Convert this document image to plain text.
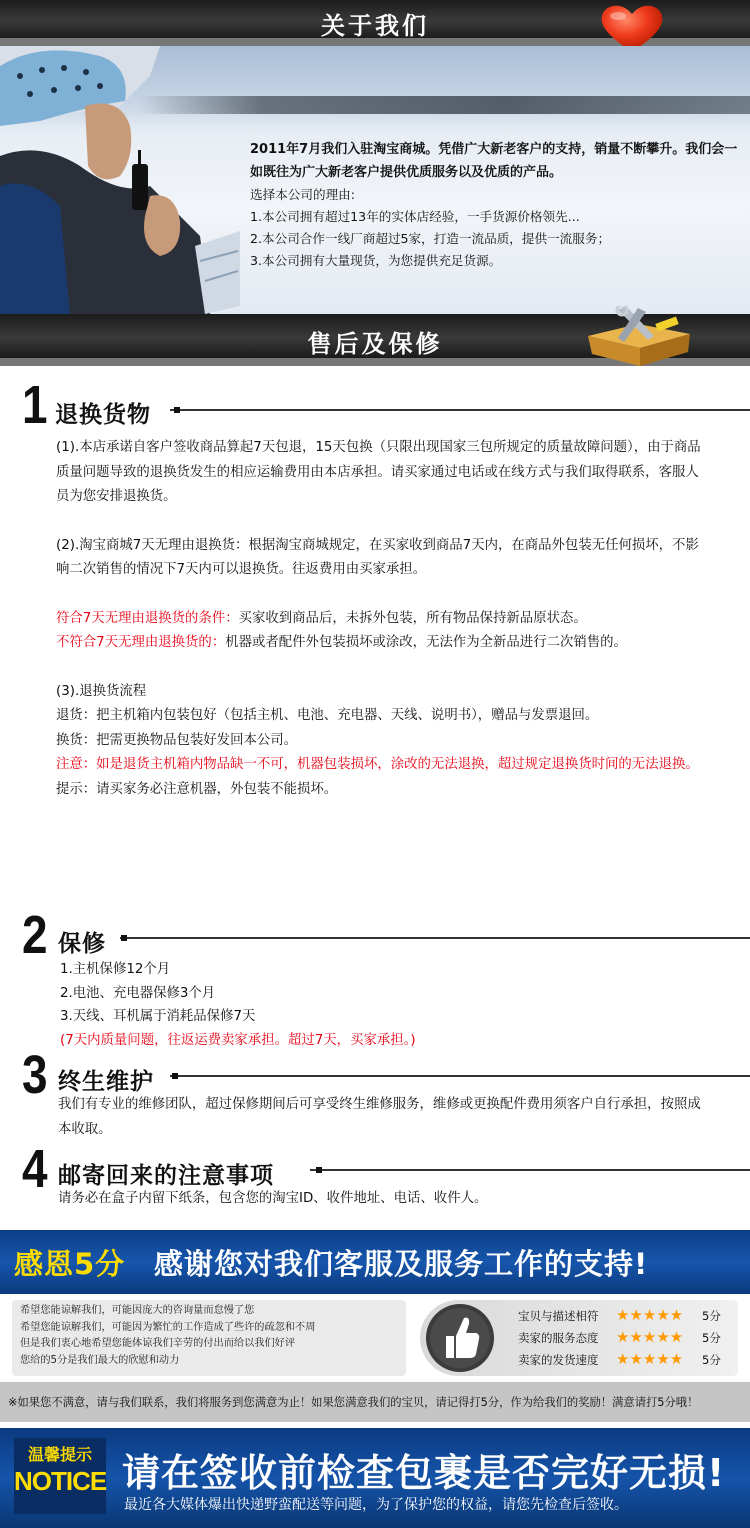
关于我们
2011年7月我们入驻淘宝商城。凭借广大新老客户的支持，销量不断攀升。我们会一如既往为广大新老客户提供优质服务以及优质的产品。
选择本公司的理由:
1.本公司拥有超过13年的实体店经验，一手货源价格领先...
2.本公司合作一线厂商超过5家，打造一流品质，提供一流服务；
3.本公司拥有大量现货，为您提供充足货源。
售后及保修
1 退换货物

(1).本店承诺自客户签收商品算起7天包退，15天包换（只限出现国家三包所规定的质量故障问题），由于商品质量问题导致的退换货发生的相应运输费用由本店承担。请买家通过电话或在线方式与我们取得联系，客服人员为您安排退换货。

(2).淘宝商城7天无理由退换货：根据淘宝商城规定，在买家收到商品7天内，在商品外包装无任何损坏，不影响二次销售的情况下7天内可以退换货。往返费用由买家承担。

符合7天无理由退换货的条件：买家收到商品后，未拆外包装，所有物品保持新品原状态。

不符合7天无理由退换货的：机器或者配件外包装损坏或涂改，无法作为全新品进行二次销售的。

(3).退换货流程

退货：把主机箱内包装包好（包括主机、电池、充电器、天线、说明书），赠品与发票退回。

换货：把需更换物品包装好发回本公司。

注意：如是退货主机箱内物品缺一不可，机器包装损坏，涂改的无法退换，超过规定退换货时间的无法退换。

提示：请买家务必注意机器，外包装不能损坏。

2 保修

1.主机保修12个月

2.电池、充电器保修3个月

3.天线、耳机属于消耗品保修7天

(7天内质量问题，往返运费卖家承担。超过7天，买家承担。)

3 终生维护
我们有专业的维修团队，超过保修期间后可享受终生维修服务，维修或更换配件费用须客户自行承担，按照成本收取。
4 邮寄回来的注意事项
请务必在盒子内留下纸条，包含您的淘宝ID、收件地址、电话、收件人。
感恩5分 感谢您对我们客服及服务工作的支持!
希望您能谅解我们，可能因庞大的咨询量而怠慢了您
希望您能谅解我们，可能因为繁忙的工作造成了些许的疏忽和不周
但是我们衷心地希望您能体谅我们辛劳的付出而给以我们好评
您给的5分是我们最大的欣慰和动力
宝贝与描述相符 ★★★★★ 5分
卖家的服务态度 ★★★★★ 5分
卖家的发货速度 ★★★★★ 5分
※如果您不满意，请与我们联系，我们将服务到您满意为止！如果您满意我们的宝贝，请记得打5分，作为给我们的奖励！满意请打5分哦！
温馨提示
NOTICE 请在签收前检查包裹是否完好无损!
最近各大媒体爆出快递野蛮配送等问题，为了保护您的权益，请您先检查后签收。
